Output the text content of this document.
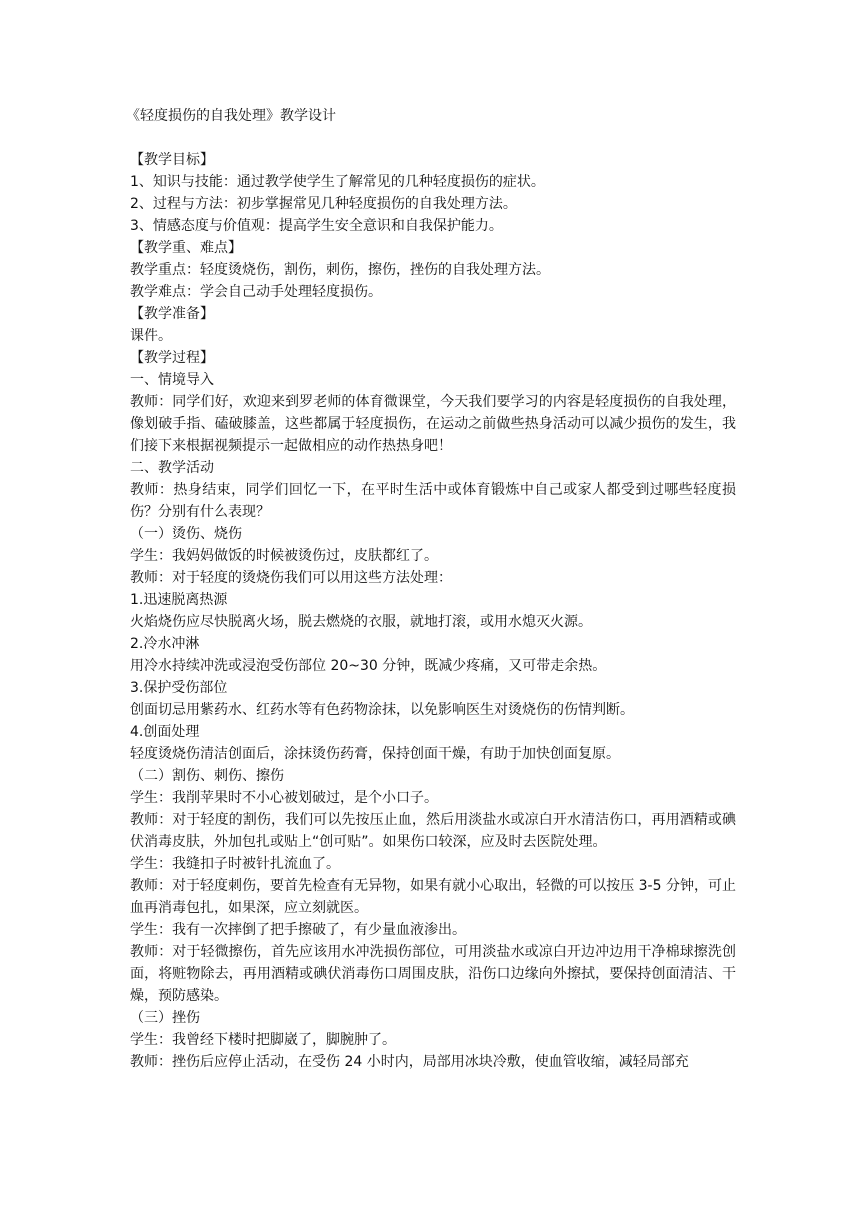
《轻度损伤的自我处理》教学设计

【教学目标】

1、知识与技能：通过教学使学生了解常见的几种轻度损伤的症状。

2、过程与方法：初步掌握常见几种轻度损伤的自我处理方法。

3、情感态度与价值观：提高学生安全意识和自我保护能力。

【教学重、难点】

教学重点：轻度烫烧伤，割伤，刺伤，擦伤，挫伤的自我处理方法。

教学难点：学会自己动手处理轻度损伤。

【教学准备】

课件。

【教学过程】

一、情境导入

教师：同学们好，欢迎来到罗老师的体育微课堂，今天我们要学习的内容是轻度损伤的自我处理，像划破手指、磕破膝盖，这些都属于轻度损伤，在运动之前做些热身活动可以减少损伤的发生，我们接下来根据视频提示一起做相应的动作热热身吧！

二、教学活动

教师：热身结束，同学们回忆一下，在平时生活中或体育锻炼中自己或家人都受到过哪些轻度损伤？分别有什么表现？

（一）烫伤、烧伤

学生：我妈妈做饭的时候被烫伤过，皮肤都红了。

教师：对于轻度的烫烧伤我们可以用这些方法处理：

1.迅速脱离热源

火焰烧伤应尽快脱离火场，脱去燃烧的衣服，就地打滚，或用水熄灭火源。

2.冷水冲淋

用冷水持续冲洗或浸泡受伤部位 20~30 分钟，既减少疼痛，又可带走余热。

3.保护受伤部位

创面切忌用紫药水、红药水等有色药物涂抹，以免影响医生对烫烧伤的伤情判断。

4.创面处理

轻度烫烧伤清洁创面后，涂抹烫伤药膏，保持创面干燥，有助于加快创面复原。

（二）割伤、刺伤、擦伤

学生：我削苹果时不小心被划破过，是个小口子。

教师：对于轻度的割伤，我们可以先按压止血，然后用淡盐水或凉白开水清洁伤口，再用酒精或碘伏消毒皮肤，外加包扎或贴上“创可贴”。如果伤口较深，应及时去医院处理。

学生：我缝扣子时被针扎流血了。

教师：对于轻度刺伤，要首先检查有无异物，如果有就小心取出，轻微的可以按压 3-5 分钟，可止血再消毒包扎，如果深，应立刻就医。

学生：我有一次摔倒了把手擦破了，有少量血液渗出。

教师：对于轻微擦伤，首先应该用水冲洗损伤部位，可用淡盐水或凉白开边冲边用干净棉球擦洗创面，将赃物除去，再用酒精或碘伏消毒伤口周围皮肤，沿伤口边缘向外擦拭，要保持创面清洁、干燥，预防感染。

（三）挫伤

学生：我曾经下楼时把脚崴了，脚腕肿了。

教师：挫伤后应停止活动，在受伤 24 小时内，局部用冰块冷敷，使血管收缩，减轻局部充
